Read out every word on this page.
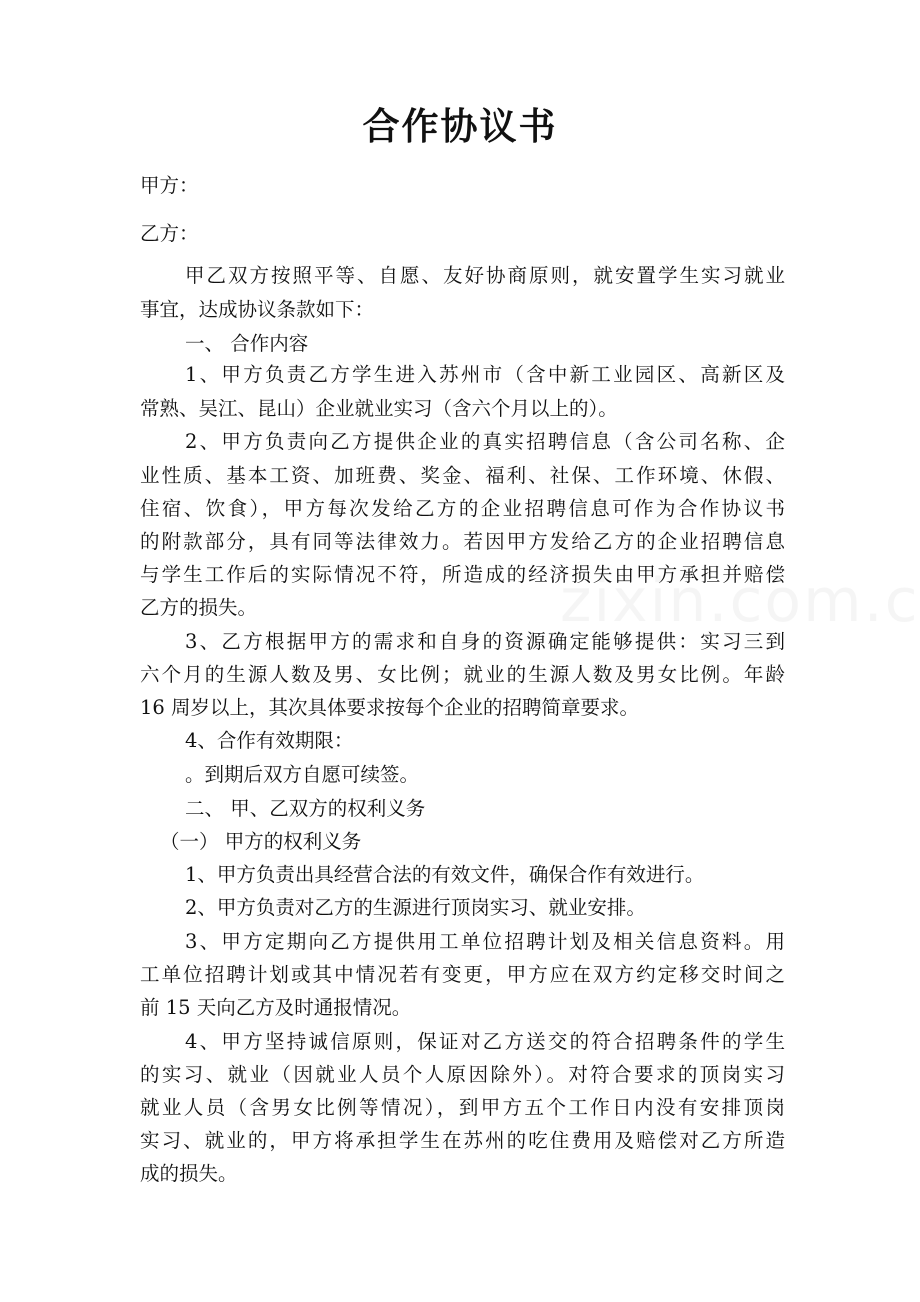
合作协议书
甲方：
乙方：
甲乙双方按照平等、自愿、友好协商原则，就安置学生实习就业
事宜，达成协议条款如下：
一、 合作内容
1、甲方负责乙方学生进入苏州市（含中新工业园区、高新区及
常熟、吴江、昆山）企业就业实习（含六个月以上的）。
2、甲方负责向乙方提供企业的真实招聘信息（含公司名称、企
业性质、基本工资、加班费、奖金、福利、社保、工作环境、休假、
住宿、饮食），甲方每次发给乙方的企业招聘信息可作为合作协议书
的附款部分，具有同等法律效力。若因甲方发给乙方的企业招聘信息
与学生工作后的实际情况不符，所造成的经济损失由甲方承担并赔偿
乙方的损失。
3、乙方根据甲方的需求和自身的资源确定能够提供：实习三到
六个月的生源人数及男、女比例；就业的生源人数及男女比例。年龄
16 周岁以上，其次具体要求按每个企业的招聘简章要求。
4、合作有效期限：
。到期后双方自愿可续签。
二、 甲、乙双方的权利义务
（一） 甲方的权利义务
1、甲方负责出具经营合法的有效文件，确保合作有效进行。
2、甲方负责对乙方的生源进行顶岗实习、就业安排。
3、甲方定期向乙方提供用工单位招聘计划及相关信息资料。用
工单位招聘计划或其中情况若有变更，甲方应在双方约定移交时间之
前 15 天向乙方及时通报情况。
4、甲方坚持诚信原则，保证对乙方送交的符合招聘条件的学生
的实习、就业（因就业人员个人原因除外）。对符合要求的顶岗实习
就业人员（含男女比例等情况），到甲方五个工作日内没有安排顶岗
实习、就业的，甲方将承担学生在苏州的吃住费用及赔偿对乙方所造
成的损失。
